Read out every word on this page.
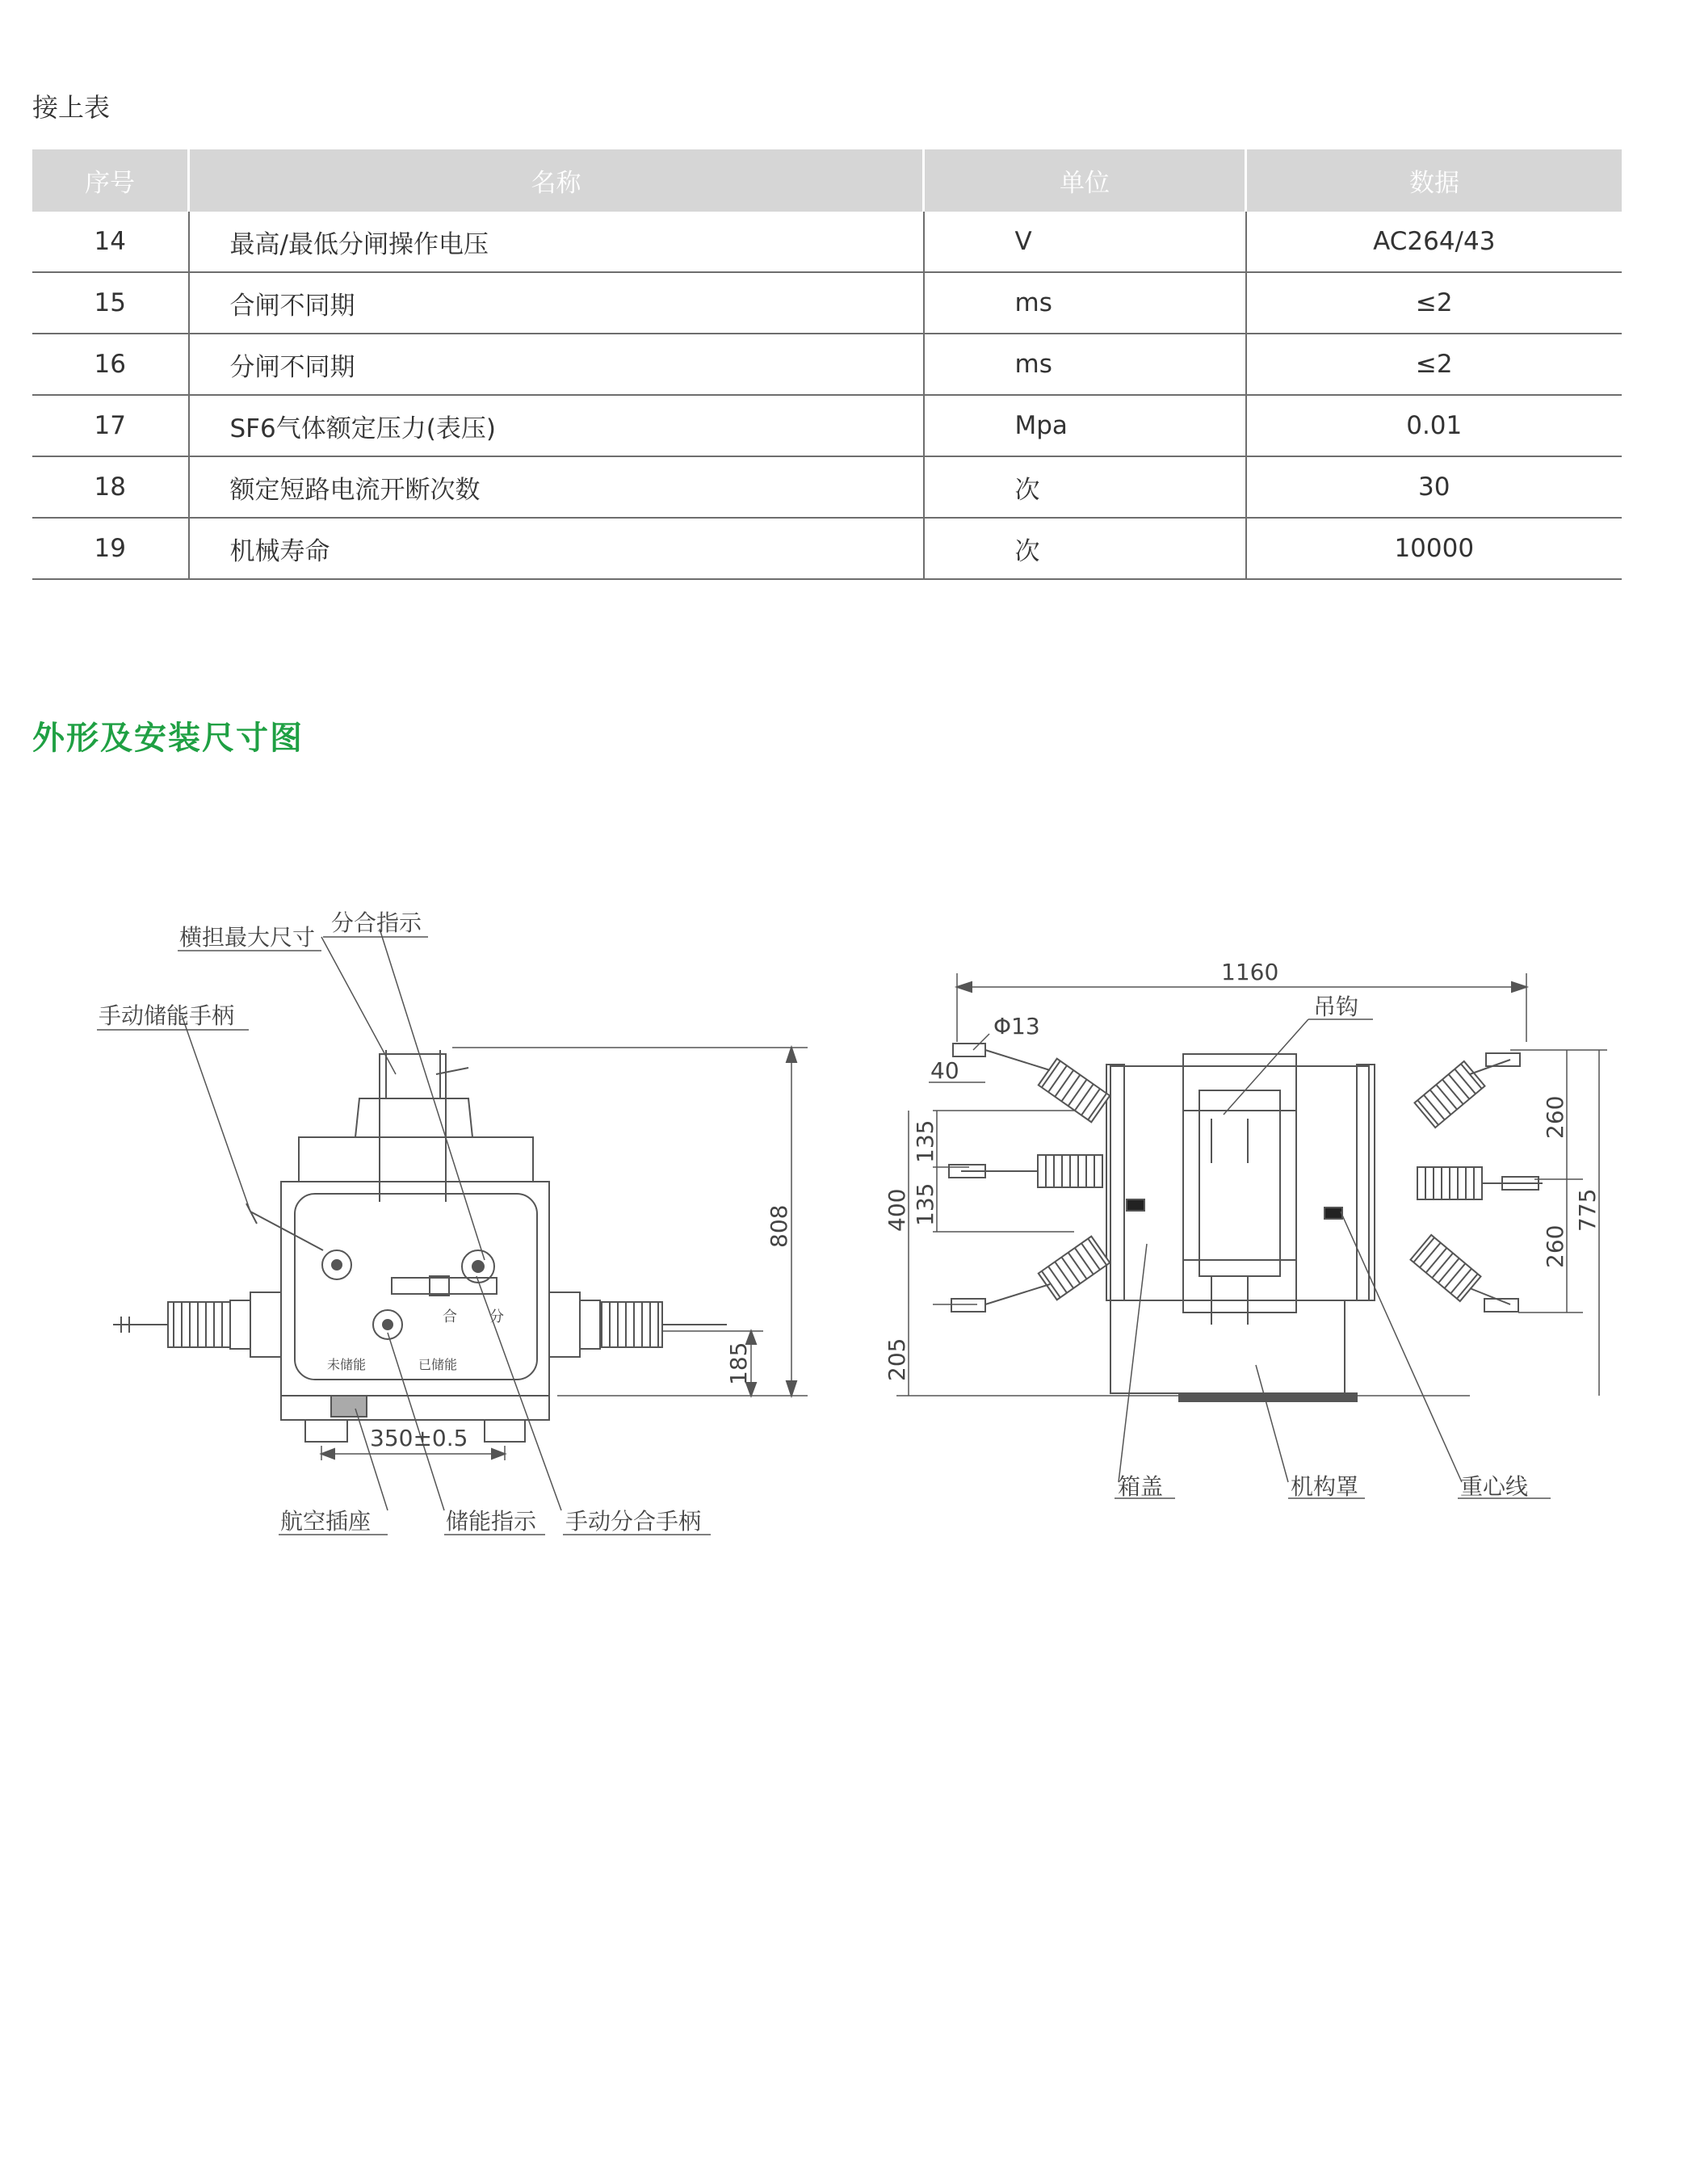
接上表
序号	名称	单位	数据
14	最高/最低分闸操作电压	V	AC264/43
15	合闸不同期	ms	≤2
16	分闸不同期	ms	≤2
17	SF6气体额定压力(表压)	Mpa	0.01
18	额定短路电流开断次数	次	30
19	机械寿命	次	10000
外形及安装尺寸图
横担最大尺寸
分合指示
手动储能手柄
航空插座	储能指示 手动分合手柄
合 分
未储能	已储能
350±0.5
808
185
1160
Φ13
40
吊钩
箱盖	机构罩	重心线
135
135
400
205
260
260
775
